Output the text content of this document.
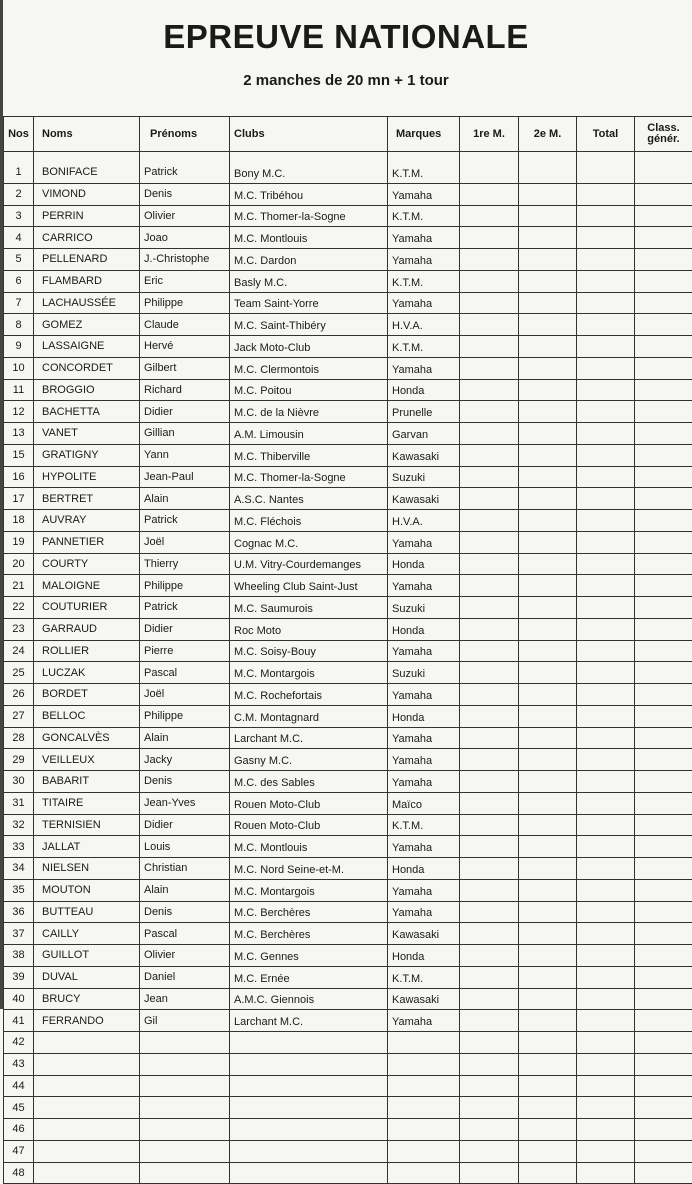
EPREUVE NATIONALE
2 manches de 20 mn + 1 tour
Nos	Noms	Prénoms	Clubs	Marques	1re M.	2e M.	Total	Class.
génér.

1	BONIFACE	Patrick	Bony M.C.	K.T.M.				
2	VIMOND	Denis	M.C. Tribéhou	Yamaha				
3	PERRIN	Olivier	M.C. Thomer-la-Sogne	K.T.M.				
4	CARRICO	Joao	M.C. Montlouis	Yamaha				
5	PELLENARD	J.-Christophe	M.C. Dardon	Yamaha				
6	FLAMBARD	Eric	Basly M.C.	K.T.M.				
7	LACHAUSSÉE	Philippe	Team Saint-Yorre	Yamaha				
8	GOMEZ	Claude	M.C. Saint-Thibéry	H.V.A.				
9	LASSAIGNE	Hervé	Jack Moto-Club	K.T.M.				
10	CONCORDET	Gilbert	M.C. Clermontois	Yamaha				
11	BROGGIO	Richard	M.C. Poitou	Honda				
12	BACHETTA	Didier	M.C. de la Nièvre	Prunelle				
13	VANET	Gillian	A.M. Limousin	Garvan				
15	GRATIGNY	Yann	M.C. Thiberville	Kawasaki				
16	HYPOLITE	Jean-Paul	M.C. Thomer-la-Sogne	Suzuki				
17	BERTRET	Alain	A.S.C. Nantes	Kawasaki				
18	AUVRAY	Patrick	M.C. Fléchois	H.V.A.				
19	PANNETIER	Joël	Cognac M.C.	Yamaha				
20	COURTY	Thierry	U.M. Vitry-Courdemanges	Honda				
21	MALOIGNE	Philippe	Wheeling Club Saint-Just	Yamaha				
22	COUTURIER	Patrick	M.C. Saumurois	Suzuki				
23	GARRAUD	Didier	Roc Moto	Honda				
24	ROLLIER	Pierre	M.C. Soisy-Bouy	Yamaha				
25	LUCZAK	Pascal	M.C. Montargois	Suzuki				
26	BORDET	Joël	M.C. Rochefortais	Yamaha				
27	BELLOC	Philippe	C.M. Montagnard	Honda				
28	GONCALVÈS	Alain	Larchant M.C.	Yamaha				
29	VEILLEUX	Jacky	Gasny M.C.	Yamaha				
30	BABARIT	Denis	M.C. des Sables	Yamaha				
31	TITAIRE	Jean-Yves	Rouen Moto-Club	Maïco				
32	TERNISIEN	Didier	Rouen Moto-Club	K.T.M.				
33	JALLAT	Louis	M.C. Montlouis	Yamaha				
34	NIELSEN	Christian	M.C. Nord Seine-et-M.	Honda				
35	MOUTON	Alain	M.C. Montargois	Yamaha				
36	BUTTEAU	Denis	M.C. Berchères	Yamaha				
37	CAILLY	Pascal	M.C. Berchères	Kawasaki				
38	GUILLOT	Olivier	M.C. Gennes	Honda				
39	DUVAL	Daniel	M.C. Ernée	K.T.M.				
40	BRUCY	Jean	A.M.C. Giennois	Kawasaki				
41	FERRANDO	Gil	Larchant M.C.	Yamaha				
42								
43								
44								
45								
46								
47								
48								
